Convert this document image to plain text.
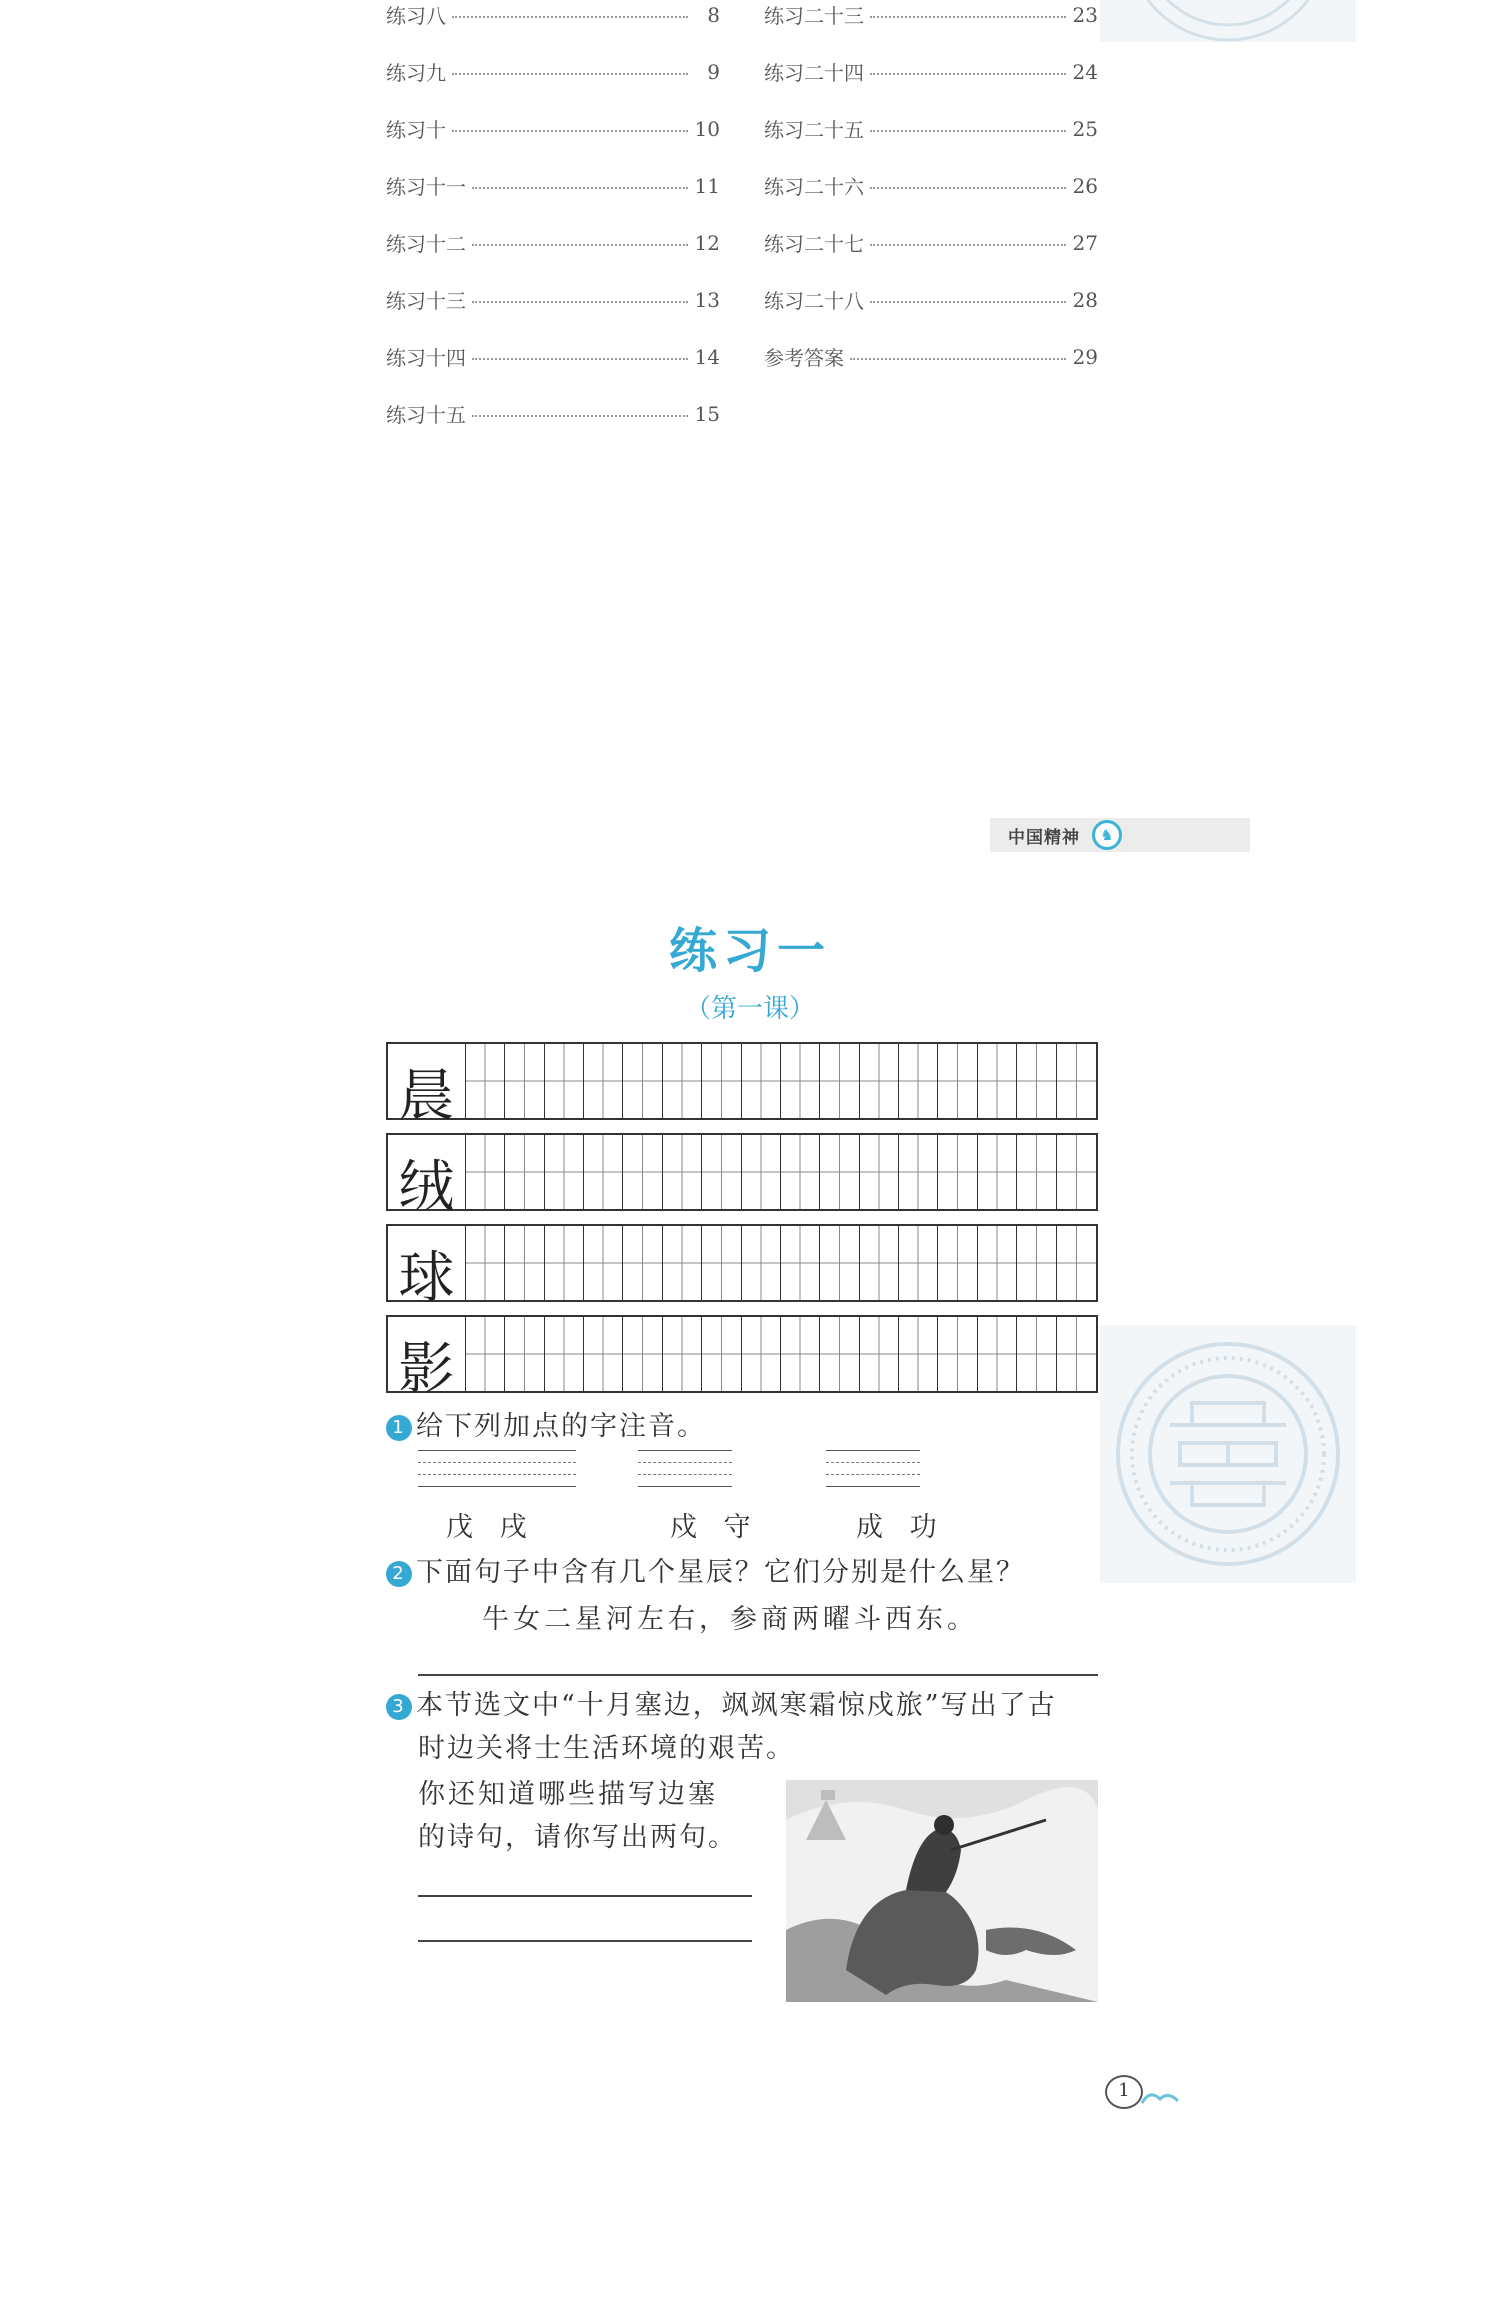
练习八	8
练习九	9
练习十	10
练习十一	11
练习十二	12
练习十三	13
练习十四	14
练习十五	15
练习二十三	23
练习二十四	24
练习二十五	25
练习二十六	26
练习二十七	27
练习二十八	28
参考答案	29
中国精神	♞
练习一
（第一课）
晨
绒
球
影
1 给下列加点的字注音。
戊 戌	戍 守	成 功
2 下面句子中含有几个星辰？它们分别是什么星？
牛女二星河左右，参商两曜斗西东。
3 本节选文中“十月塞边，飒飒寒霜惊戍旅”写出了古
时边关将士生活环境的艰苦。
你还知道哪些描写边塞
的诗句，请你写出两句。
1
